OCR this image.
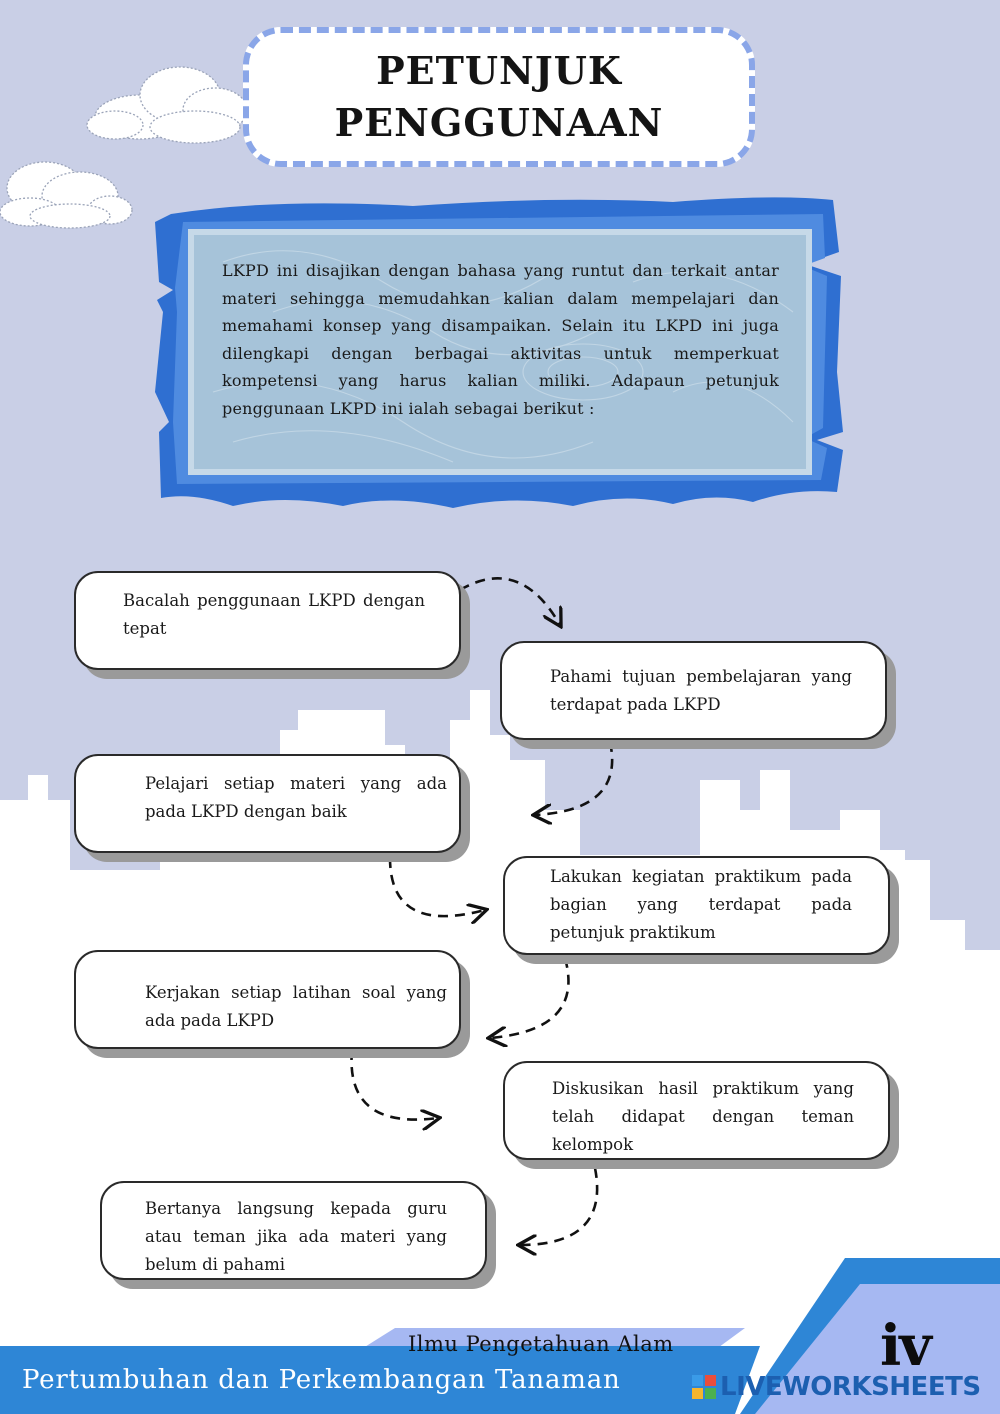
PETUNJUK
PENGGUNAAN
LKPD ini disajikan dengan bahasa yang runtut dan terkait antar materi sehingga memudahkan kalian dalam mempelajari dan memahami konsep yang disampaikan. Selain itu LKPD ini juga dilengkapi dengan berbagai aktivitas untuk memperkuat kompetensi yang harus kalian miliki. Adapaun petunjuk penggunaan LKPD ini ialah sebagai berikut :
Bacalah penggunaan LKPD dengan tepat
Pahami tujuan pembelajaran yang terdapat pada LKPD
Pelajari setiap materi yang ada pada LKPD dengan baik
Lakukan kegiatan praktikum pada bagian yang terdapat pada petunjuk praktikum
Kerjakan setiap latihan soal yang ada pada LKPD
Diskusikan hasil praktikum yang telah didapat dengan teman kelompok
Bertanya langsung kepada guru atau teman jika ada materi yang belum di pahami
Ilmu Pengetahuan Alam
Pertumbuhan dan Perkembangan Tanaman
iv
LIVEWORKSHEETS
